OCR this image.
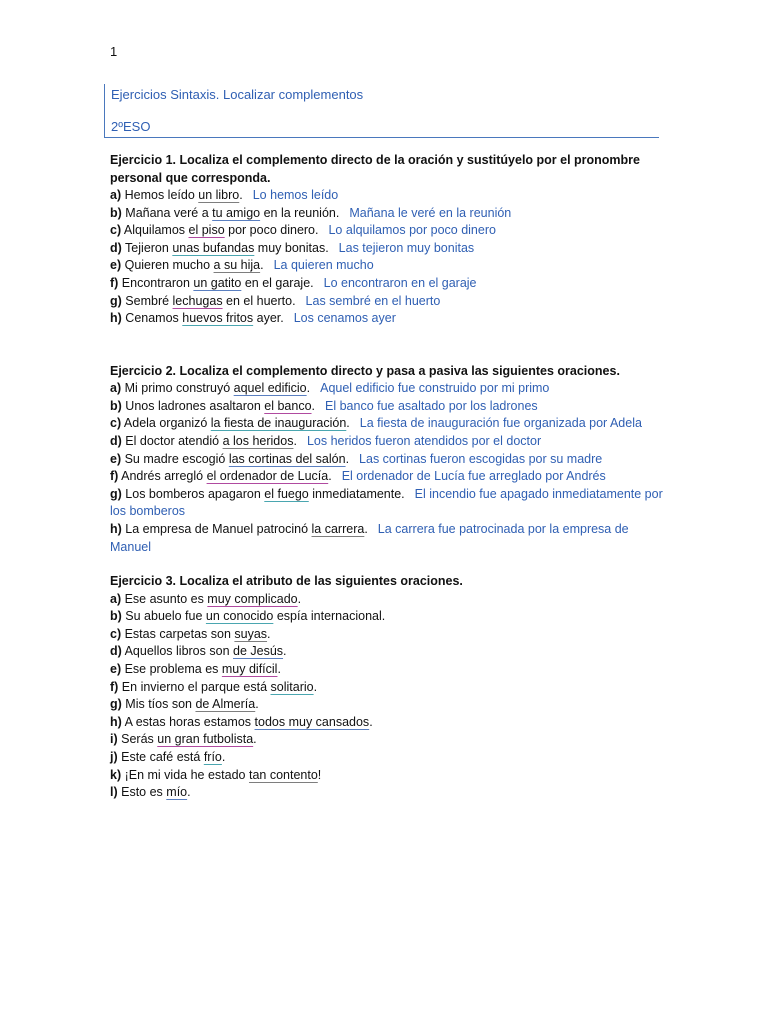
1
Ejercicios Sintaxis. Localizar complementos
2ºESO

Ejercicio 1. Localiza el complemento directo de la oración y sustitúyelo por el pronombre personal que corresponda.

a) Hemos leído un libro. Lo hemos leído

b) Mañana veré a tu amigo en la reunión. Mañana le veré en la reunión

c) Alquilamos el piso por poco dinero. Lo alquilamos por poco dinero

d) Tejieron unas bufandas muy bonitas. Las tejieron muy bonitas

e) Quieren mucho a su hija. La quieren mucho

f) Encontraron un gatito en el garaje. Lo encontraron en el garaje

g) Sembré lechugas en el huerto. Las sembré en el huerto

h) Cenamos huevos fritos ayer. Los cenamos ayer

Ejercicio 2. Localiza el complemento directo y pasa a pasiva las siguientes oraciones.

a) Mi primo construyó aquel edificio. Aquel edificio fue construido por mi primo

b) Unos ladrones asaltaron el banco. El banco fue asaltado por los ladrones

c) Adela organizó la fiesta de inauguración. La fiesta de inauguración fue organizada por Adela

d) El doctor atendió a los heridos. Los heridos fueron atendidos por el doctor

e) Su madre escogió las cortinas del salón. Las cortinas fueron escogidas por su madre

f) Andrés arregló el ordenador de Lucía. El ordenador de Lucía fue arreglado por Andrés

g) Los bomberos apagaron el fuego inmediatamente. El incendio fue apagado inmediatamente por los bomberos

h) La empresa de Manuel patrocinó la carrera. La carrera fue patrocinada por la empresa de Manuel

Ejercicio 3. Localiza el atributo de las siguientes oraciones.

a) Ese asunto es muy complicado.

b) Su abuelo fue un conocido espía internacional.

c) Estas carpetas son suyas.

d) Aquellos libros son de Jesús.

e) Ese problema es muy difícil.

f) En invierno el parque está solitario.

g) Mis tíos son de Almería.

h) A estas horas estamos todos muy cansados.

i) Serás un gran futbolista.

j) Este café está frío.

k) ¡En mi vida he estado tan contento!

l) Esto es mío.
